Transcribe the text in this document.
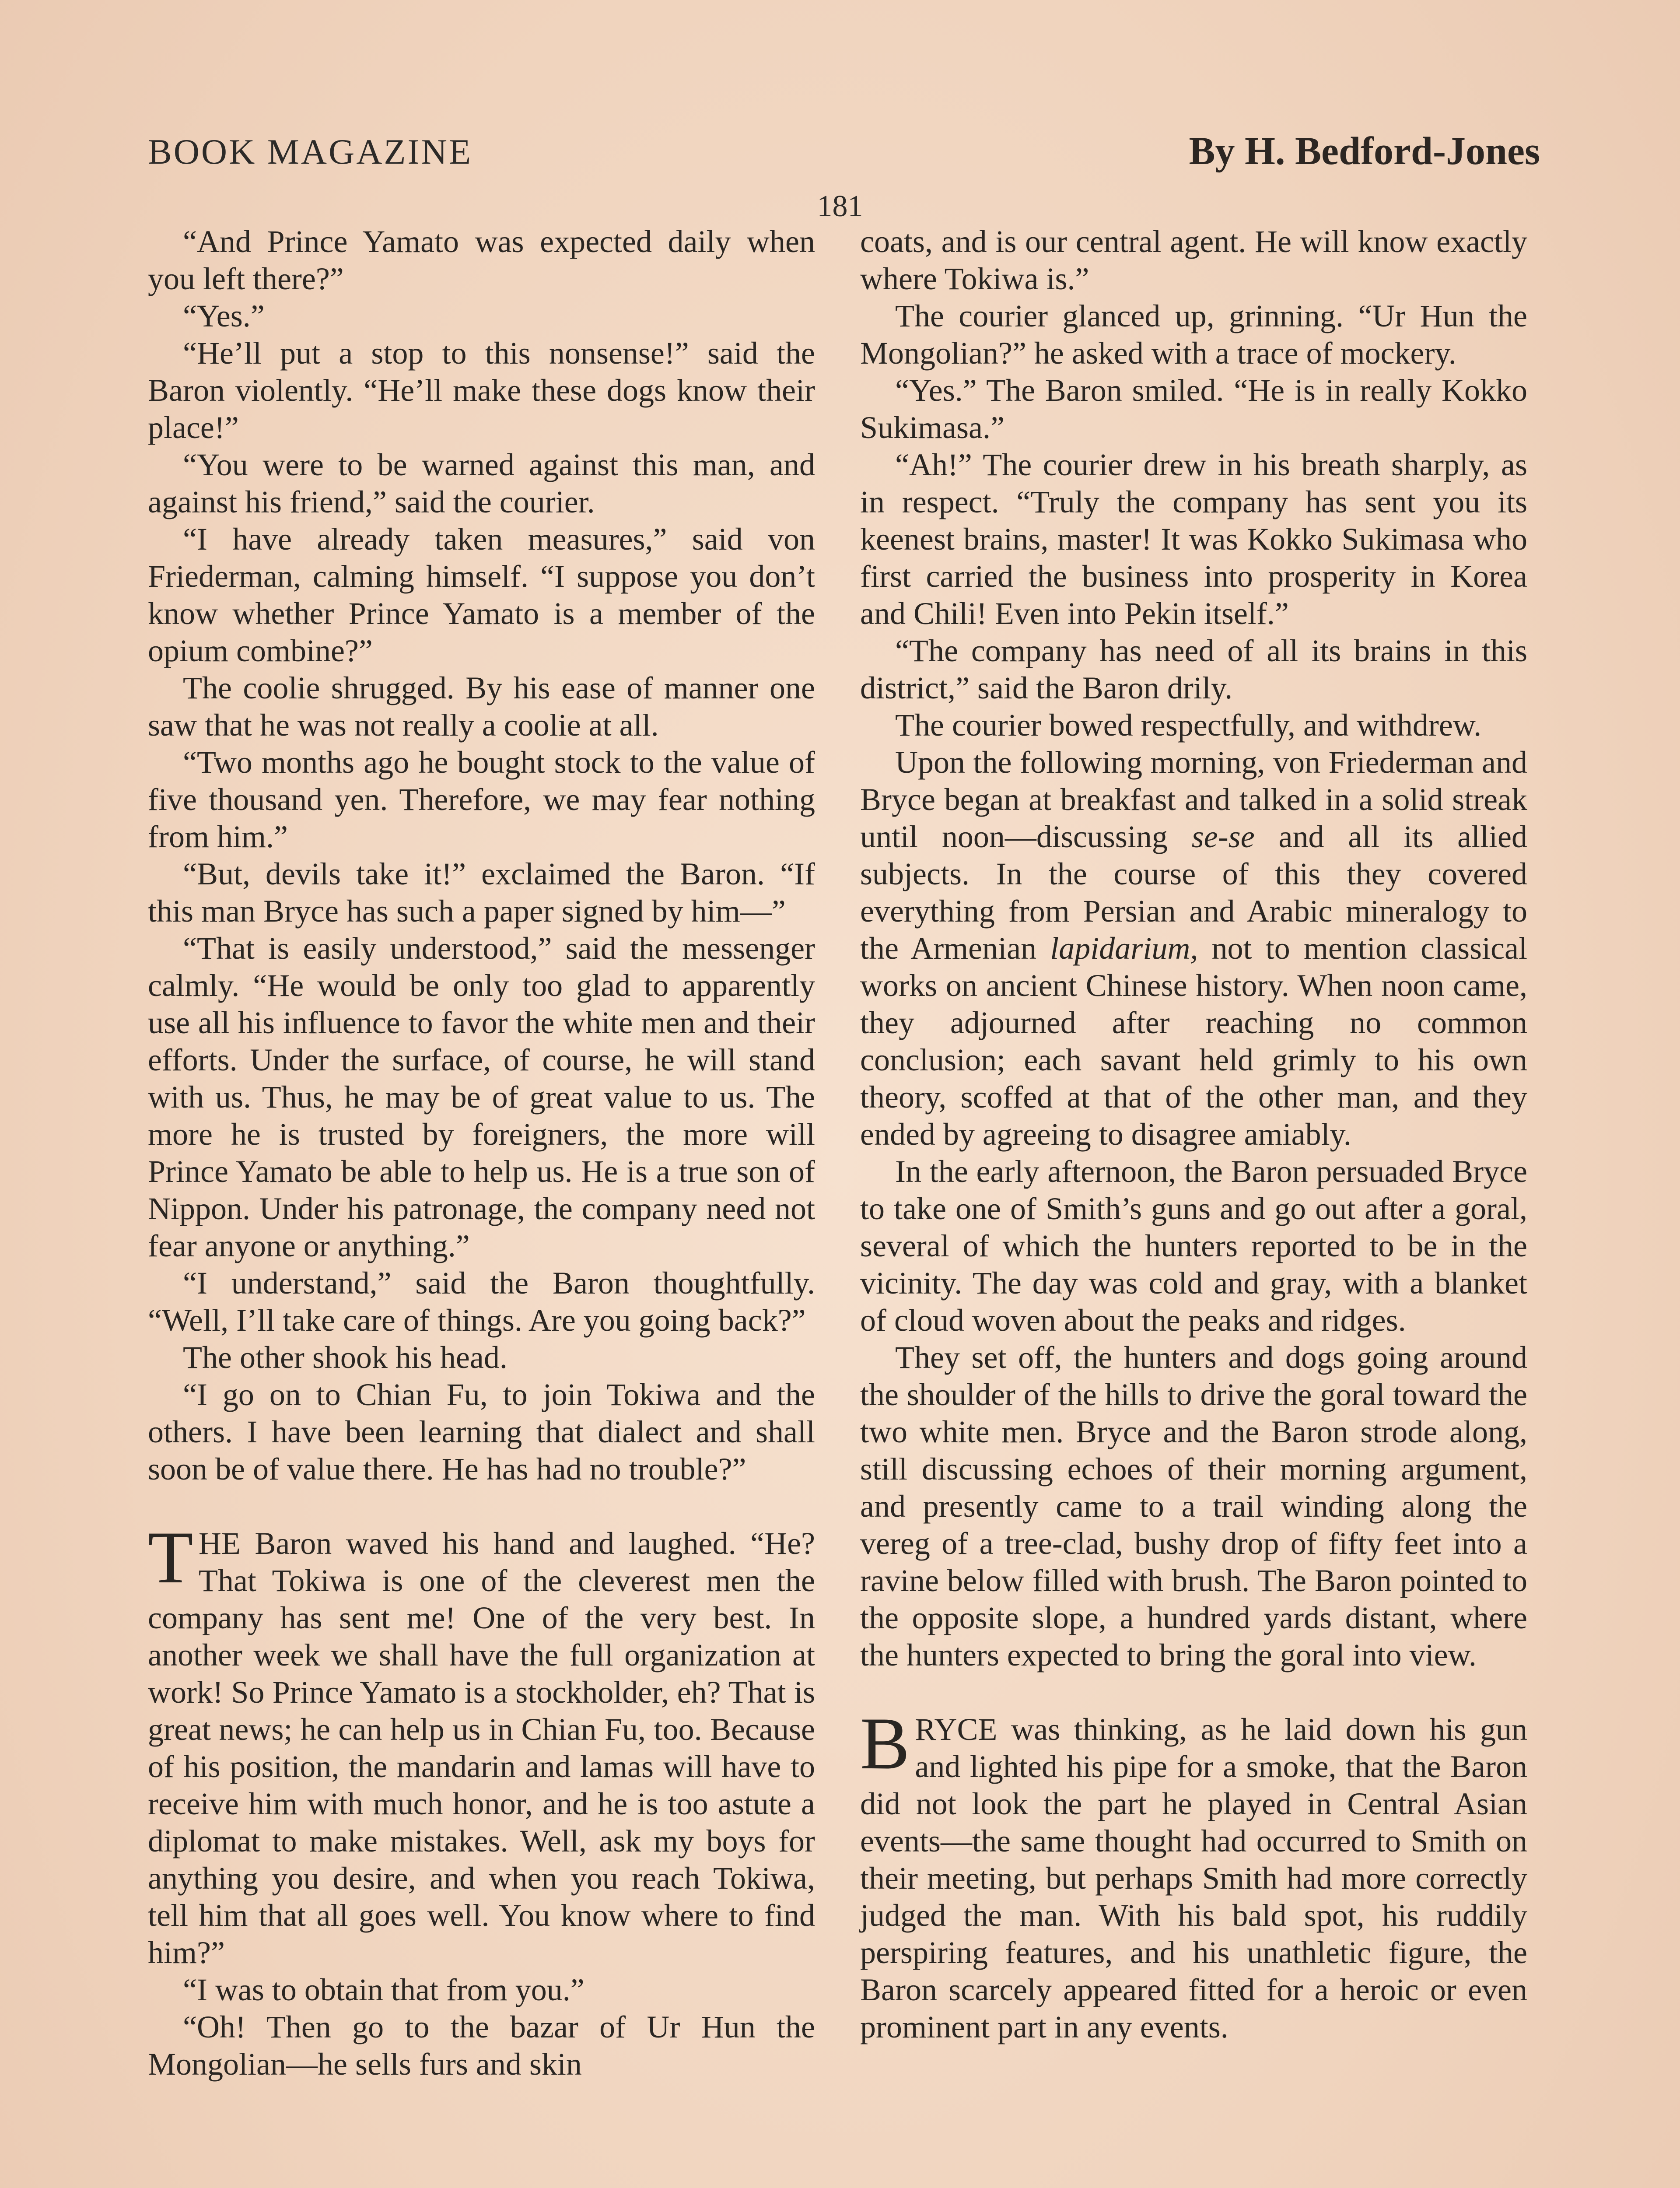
BOOK MAGAZINE	By H. Bedford-Jones
181

“And Prince Yamato was expected daily when you left there?”

“Yes.”

“He’ll put a stop to this nonsense!” said the Baron violently. “He’ll make these dogs know their place!”

“You were to be warned against this man, and against his friend,” said the courier.

“I have already taken measures,” said von Friederman, calming himself. “I suppose you don’t know whether Prince Yamato is a member of the opium combine?”

The coolie shrugged. By his ease of manner one saw that he was not really a coolie at all.

“Two months ago he bought stock to the value of five thousand yen. Therefore, we may fear nothing from him.”

“But, devils take it!” exclaimed the Baron. “If this man Bryce has such a paper signed by him—”

“That is easily understood,” said the messenger calmly. “He would be only too glad to apparently use all his influence to favor the white men and their efforts. Under the surface, of course, he will stand with us. Thus, he may be of great value to us. The more he is trusted by foreigners, the more will Prince Yamato be able to help us. He is a true son of Nippon. Under his patronage, the company need not fear anyone or anything.”

“I understand,” said the Baron thoughtfully. “Well, I’ll take care of things. Are you going back?”

The other shook his head.

“I go on to Chian Fu, to join Tokiwa and the others. I have been learning that dialect and shall soon be of value there. He has had no trouble?”

THE Baron waved his hand and laughed. “He? That Tokiwa is one of the cleverest men the company has sent me! One of the very best. In another week we shall have the full organization at work! So Prince Yamato is a stockholder, eh? That is great news; he can help us in Chian Fu, too. Because of his position, the mandarin and lamas will have to receive him with much honor, and he is too astute a diplomat to make mistakes. Well, ask my boys for anything you desire, and when you reach Tokiwa, tell him that all goes well. You know where to find him?”

“I was to obtain that from you.”

“Oh! Then go to the bazar of Ur Hun the Mongolian—he sells furs and skin

coats, and is our central agent. He will know exactly where Tokiwa is.”

The courier glanced up, grinning. “Ur Hun the Mongolian?” he asked with a trace of mockery.

“Yes.” The Baron smiled. “He is in really Kokko Sukimasa.”

“Ah!” The courier drew in his breath sharply, as in respect. “Truly the company has sent you its keenest brains, master! It was Kokko Sukimasa who first carried the business into prosperity in Korea and Chili! Even into Pekin itself.”

“The company has need of all its brains in this district,” said the Baron drily.

The courier bowed respectfully, and withdrew.

Upon the following morning, von Friederman and Bryce began at breakfast and talked in a solid streak until noon—discussing se-se and all its allied subjects. In the course of this they covered everything from Persian and Arabic mineralogy to the Armenian lapidarium, not to mention classical works on ancient Chinese history. When noon came, they adjourned after reaching no common conclusion; each savant held grimly to his own theory, scoffed at that of the other man, and they ended by agreeing to disagree amiably.

In the early afternoon, the Baron persuaded Bryce to take one of Smith’s guns and go out after a goral, several of which the hunters reported to be in the vicinity. The day was cold and gray, with a blanket of cloud woven about the peaks and ridges.

They set off, the hunters and dogs going around the shoulder of the hills to drive the goral toward the two white men. Bryce and the Baron strode along, still discussing echoes of their morning argument, and presently came to a trail winding along the vereg of a tree-clad, bushy drop of fifty feet into a ravine below filled with brush. The Baron pointed to the opposite slope, a hundred yards distant, where the hunters expected to bring the goral into view.

BRYCE was thinking, as he laid down his gun and lighted his pipe for a smoke, that the Baron did not look the part he played in Central Asian events—the same thought had occurred to Smith on their meeting, but perhaps Smith had more correctly judged the man. With his bald spot, his ruddily perspiring features, and his unathletic figure, the Baron scarcely appeared fitted for a heroic or even prominent part in any events.
